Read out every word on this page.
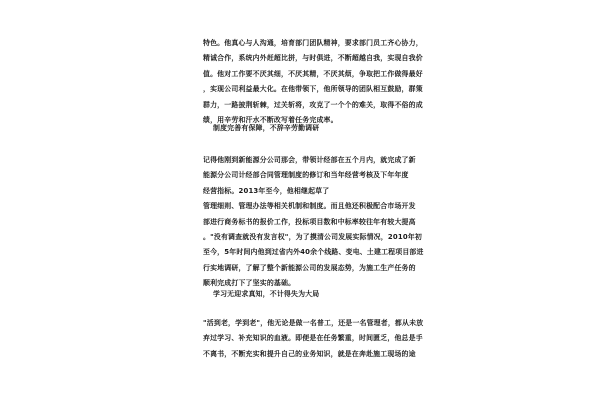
特色。他真心与人沟通，培育部门团队精神，要求部门员工齐心协力，
精诚合作，系统内外赶超比拼，与时俱进，不断超越自我，实现自我价
值。他对工作要不厌其细，不厌其精，不厌其烦，争取把工作做得最好
，实现公司利益最大化。在他带领下，他所领导的团队相互鼓励，群策
群力，一路披荆斩棘，过关斩将，攻克了一个个的难关，取得不俗的成
绩，用辛劳和汗水不断改写着任务完成率。
制度完善有保障，不辞辛劳勤调研
记得他刚到新能源分公司那会，带领计经部在五个月内，就完成了新
能源分公司计经部合同管理制度的修订和当年经营考核及下年年度
经营指标。2013年至今，他相继起草了
管理细则、管理办法等相关机制和制度。而且他还积极配合市场开发
部进行商务标书的报价工作，投标项目数和中标率较往年有较大提高
。"没有调查就没有发言权"，为了摸清公司发展实际情况，2010年初
至今，5年时间内他到过省内外40余个线路、变电、土建工程项目部进
行实地调研，了解了整个新能源公司的发展态势，为施工生产任务的
顺利完成打下了坚实的基础。
学习无迎求真知，不计得失为大局
"活到老，学到老"，他无论是做一名普工，还是一名管理者，都从未放
弃过学习、补充知识的血液。即便是在任务繁重，时间匮乏，他总是手
不离书，不断充实和提升自己的业务知识，就是在奔赴施工现场的途
